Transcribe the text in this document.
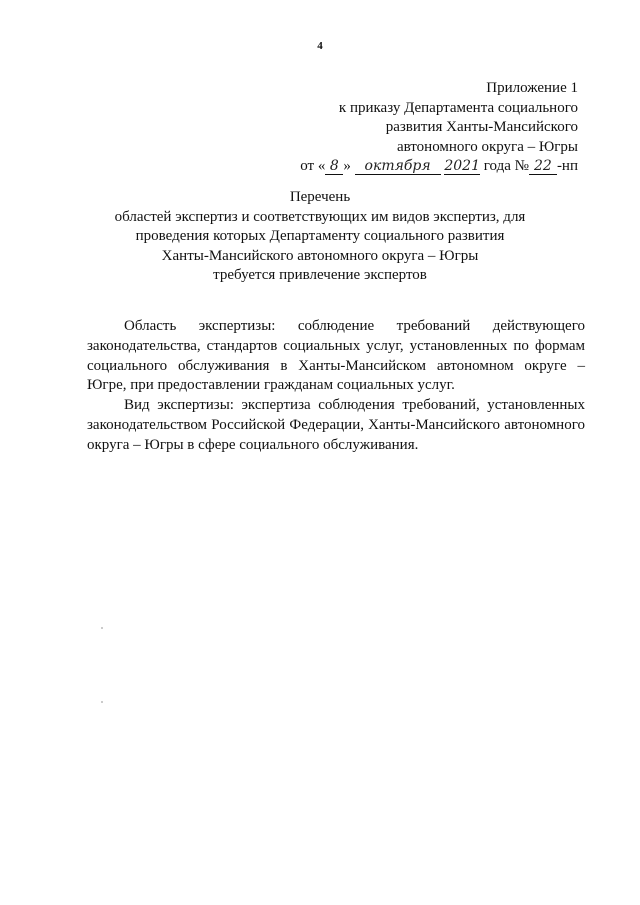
4
Приложение 1
к приказу Департамента социального
развития Ханты-Мансийского
автономного округа – Югры
от « 8 » октября 2021 года № 22 -нп
Перечень
областей экспертиз и соответствующих им видов экспертиз, для
проведения которых Департаменту социального развития
Ханты-Мансийского автономного округа – Югры
требуется привлечение экспертов

Область экспертизы: соблюдение требований действующего законодательства, стандартов социальных услуг, установленных по формам социального обслуживания в Ханты-Мансийском автономном округе – Югре, при предоставлении гражданам социальных услуг.

Вид экспертизы: экспертиза соблюдения требований, установленных законодательством Российской Федерации, Ханты-Мансийского автономного округа – Югры в сфере социального обслуживания.
